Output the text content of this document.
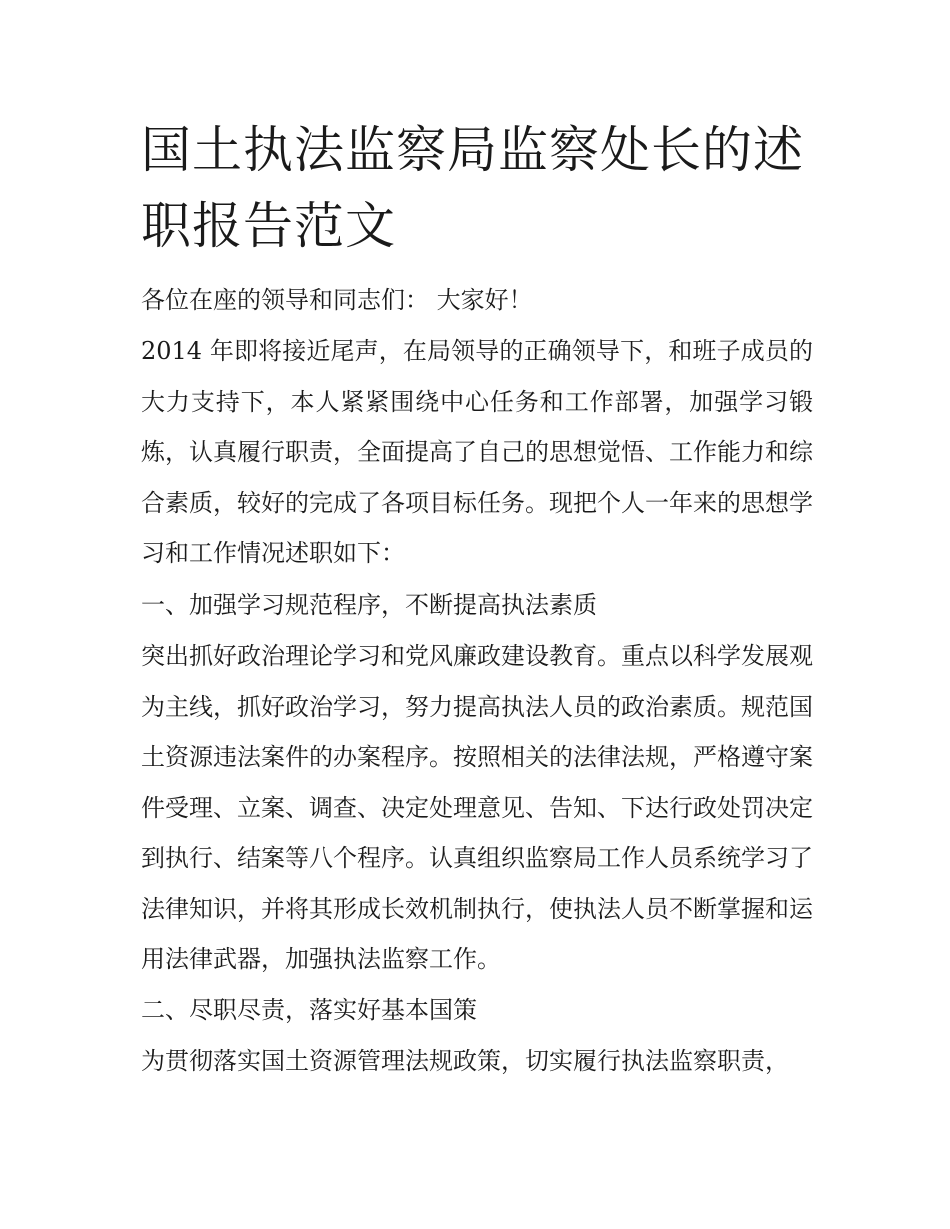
国土执法监察局监察处长的述职报告范文

各位在座的领导和同志们： 大家好！

2014 年即将接近尾声，在局领导的正确领导下，和班子成员的大力支持下，本人紧紧围绕中心任务和工作部署，加强学习锻炼，认真履行职责，全面提高了自己的思想觉悟、工作能力和综合素质，较好的完成了各项目标任务。现把个人一年来的思想学习和工作情况述职如下：

一、加强学习规范程序，不断提高执法素质

突出抓好政治理论学习和党风廉政建设教育。重点以科学发展观为主线，抓好政治学习，努力提高执法人员的政治素质。规范国土资源违法案件的办案程序。按照相关的法律法规，严格遵守案件受理、立案、调查、决定处理意见、告知、下达行政处罚决定到执行、结案等八个程序。认真组织监察局工作人员系统学习了法律知识，并将其形成长效机制执行，使执法人员不断掌握和运用法律武器，加强执法监察工作。

二、尽职尽责，落实好基本国策

为贯彻落实国土资源管理法规政策，切实履行执法监察职责，
